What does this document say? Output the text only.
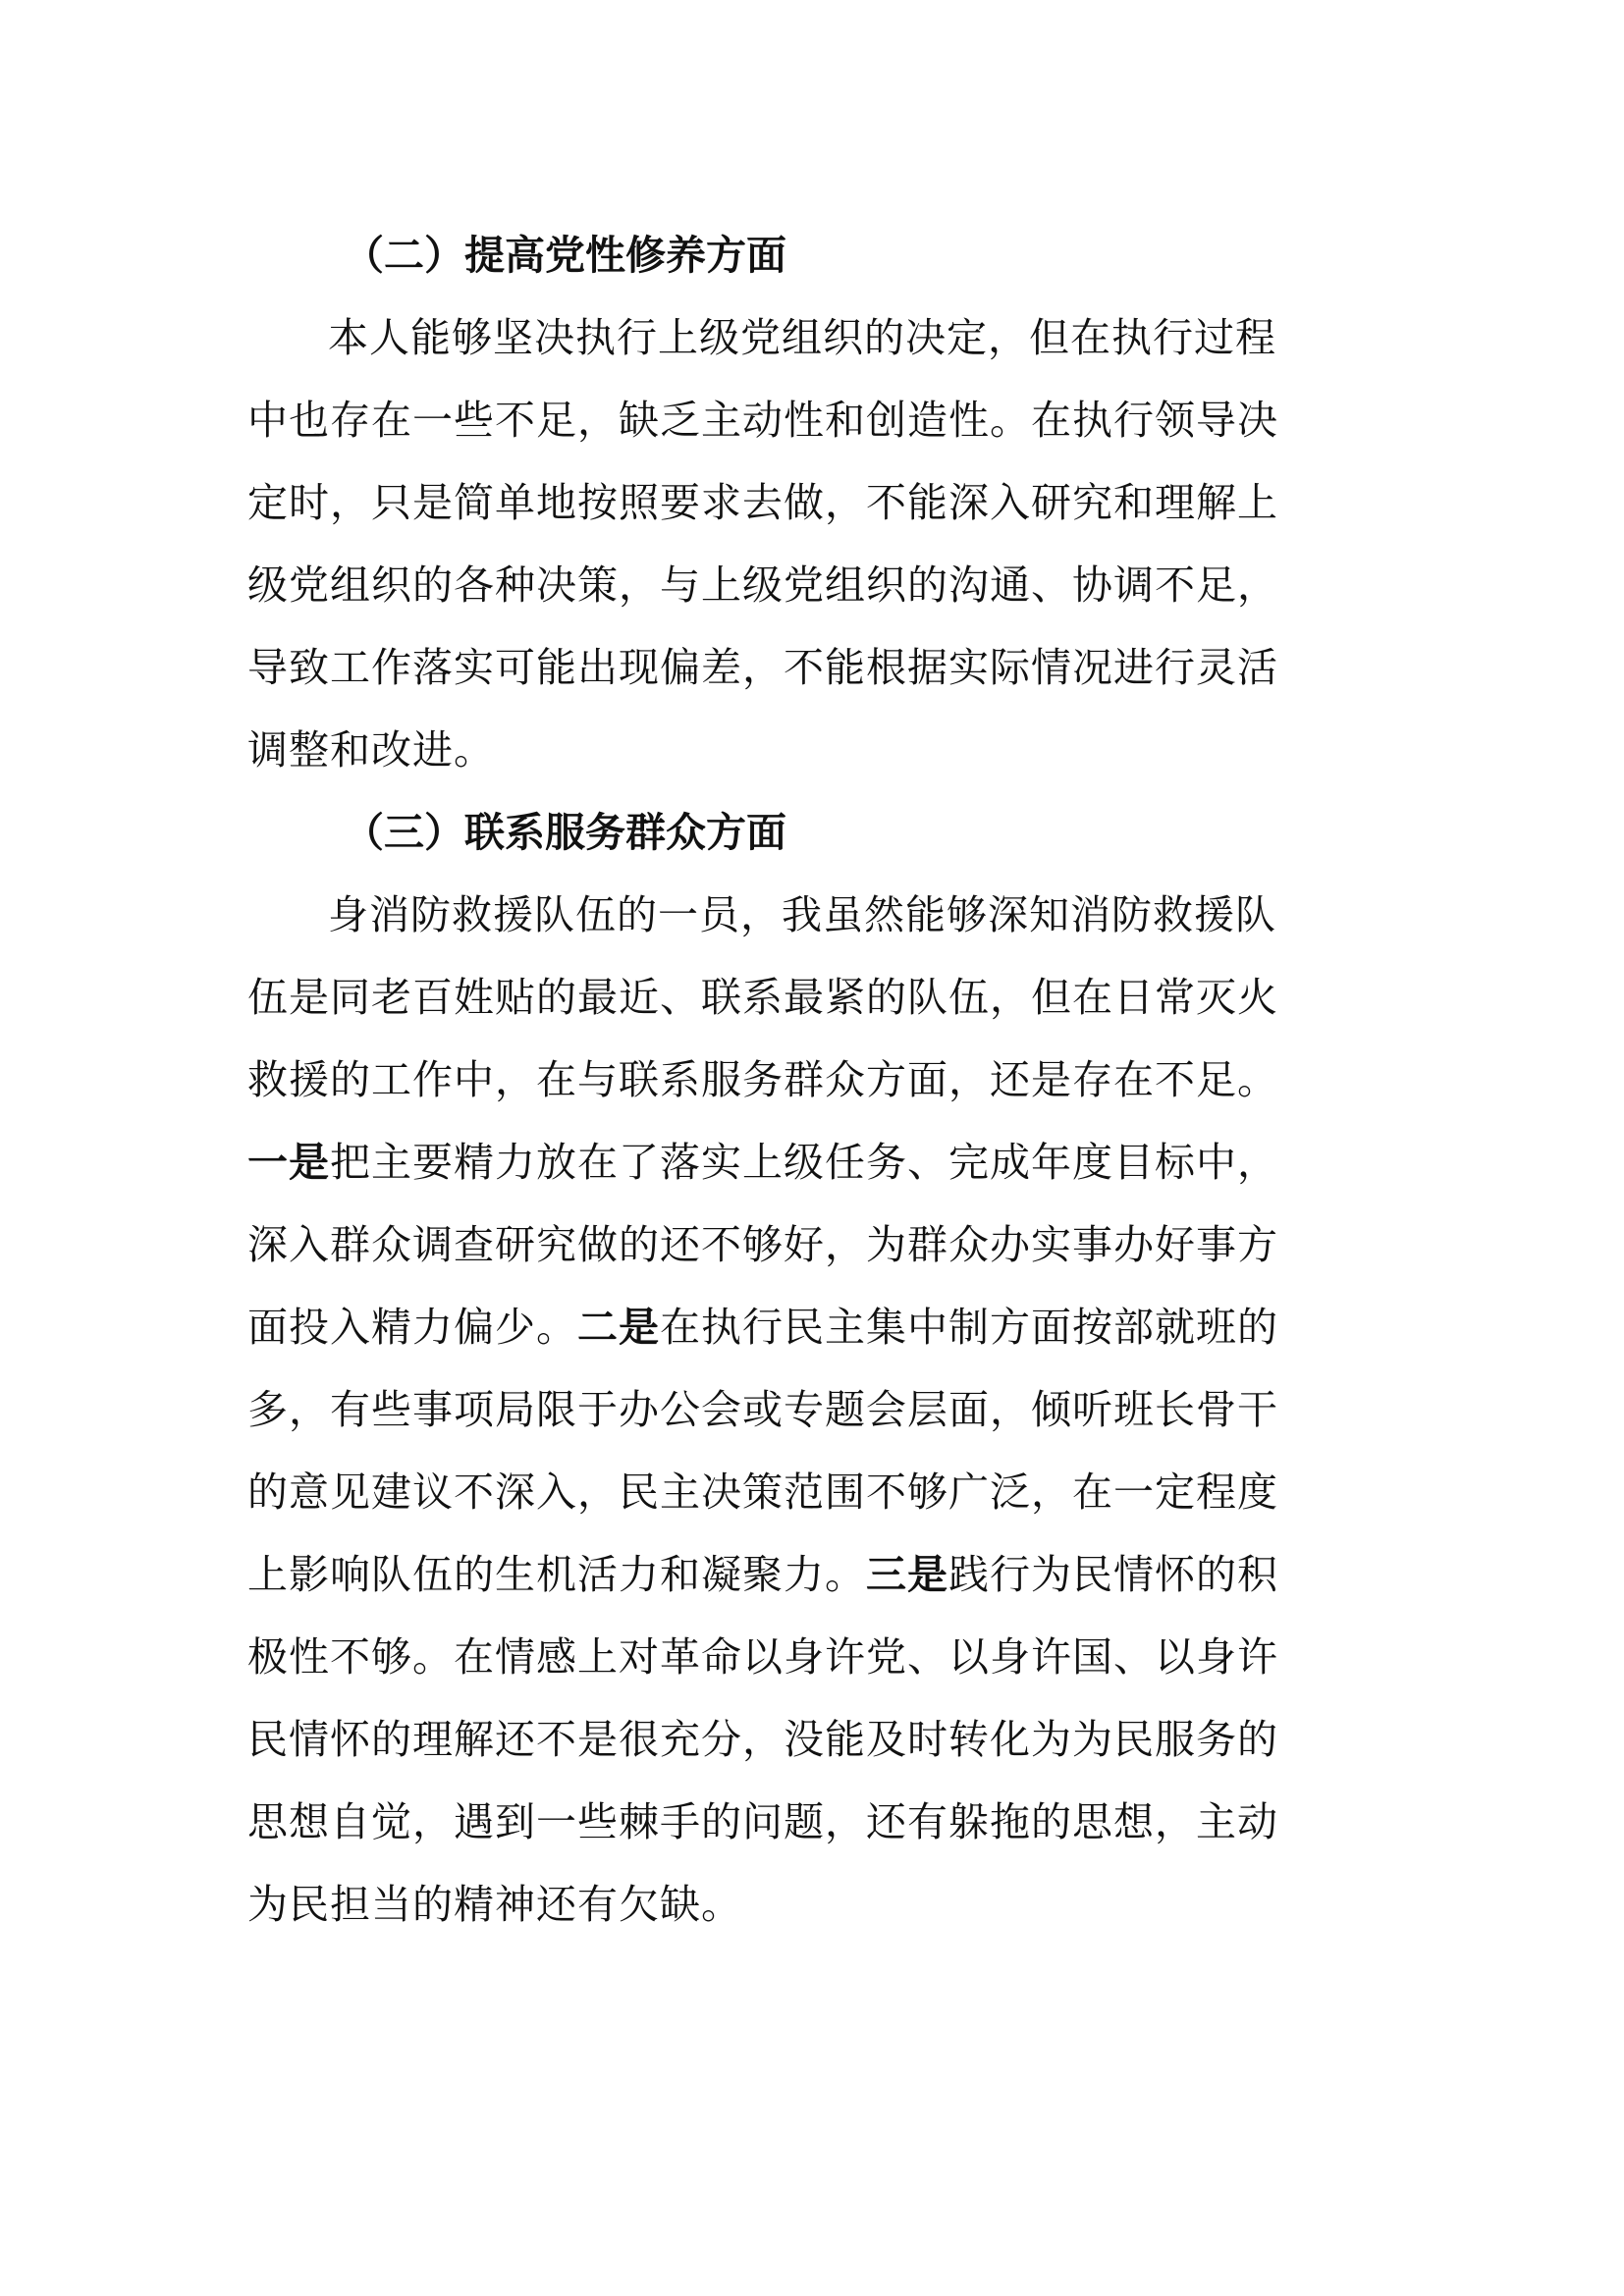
（二）提高党性修养方面

本人能够坚决执行上级党组织的决定，但在执行过程
中也存在一些不足，缺乏主动性和创造性。在执行领导决
定时，只是简单地按照要求去做，不能深入研究和理解上
级党组织的各种决策，与上级党组织的沟通、协调不足，
导致工作落实可能出现偏差，不能根据实际情况进行灵活
调整和改进。

（三）联系服务群众方面

身消防救援队伍的一员，我虽然能够深知消防救援队
伍是同老百姓贴的最近、联系最紧的队伍，但在日常灭火
救援的工作中，在与联系服务群众方面，还是存在不足。
一是把主要精力放在了落实上级任务、完成年度目标中，
深入群众调查研究做的还不够好，为群众办实事办好事方
面投入精力偏少。二是在执行民主集中制方面按部就班的
多，有些事项局限于办公会或专题会层面，倾听班长骨干
的意见建议不深入，民主决策范围不够广泛，在一定程度
上影响队伍的生机活力和凝聚力。三是践行为民情怀的积
极性不够。在情感上对革命以身许党、以身许国、以身许
民情怀的理解还不是很充分，没能及时转化为为民服务的
思想自觉，遇到一些棘手的问题，还有躲拖的思想，主动
为民担当的精神还有欠缺。
